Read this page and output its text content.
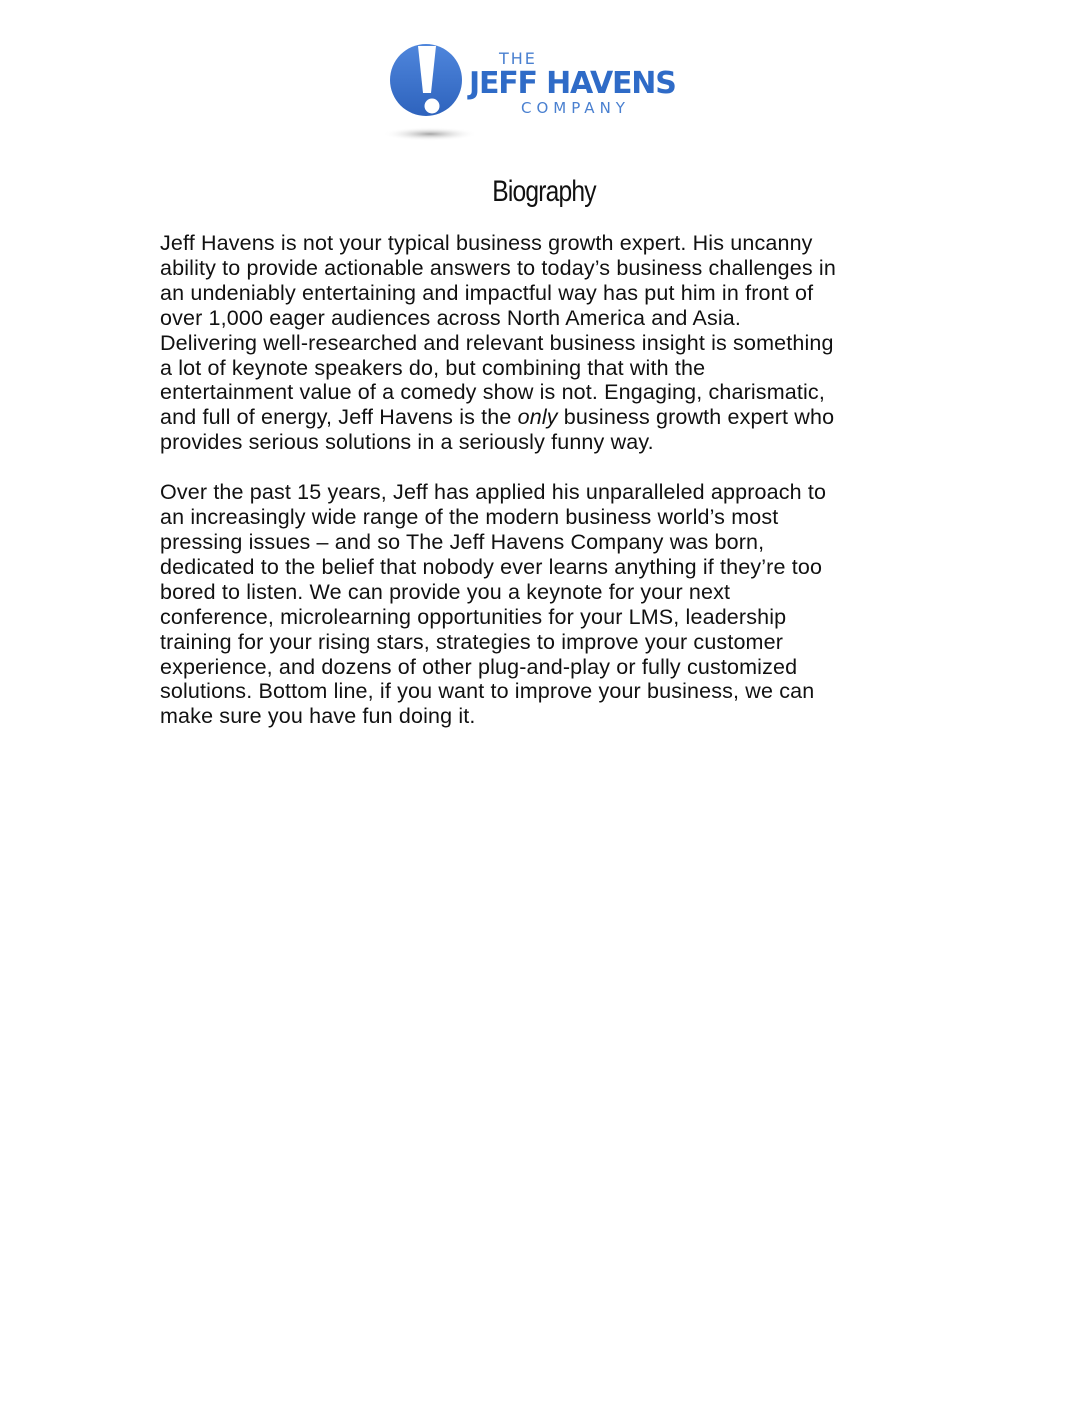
THE
JEFF HAVENS
COMPANY
Biography

Jeff Havens is not your typical business growth expert. His uncanny
ability to provide actionable answers to today’s business challenges in
an undeniably entertaining and impactful way has put him in front of
over 1,000 eager audiences across North America and Asia.
Delivering well-researched and relevant business insight is something
a lot of keynote speakers do, but combining that with the
entertainment value of a comedy show is not. Engaging, charismatic,
and full of energy, Jeff Havens is the only business growth expert who
provides serious solutions in a seriously funny way.

Over the past 15 years, Jeff has applied his unparalleled approach to
an increasingly wide range of the modern business world’s most
pressing issues – and so The Jeff Havens Company was born,
dedicated to the belief that nobody ever learns anything if they’re too
bored to listen. We can provide you a keynote for your next
conference, microlearning opportunities for your LMS, leadership
training for your rising stars, strategies to improve your customer
experience, and dozens of other plug-and-play or fully customized
solutions. Bottom line, if you want to improve your business, we can
make sure you have fun doing it.
